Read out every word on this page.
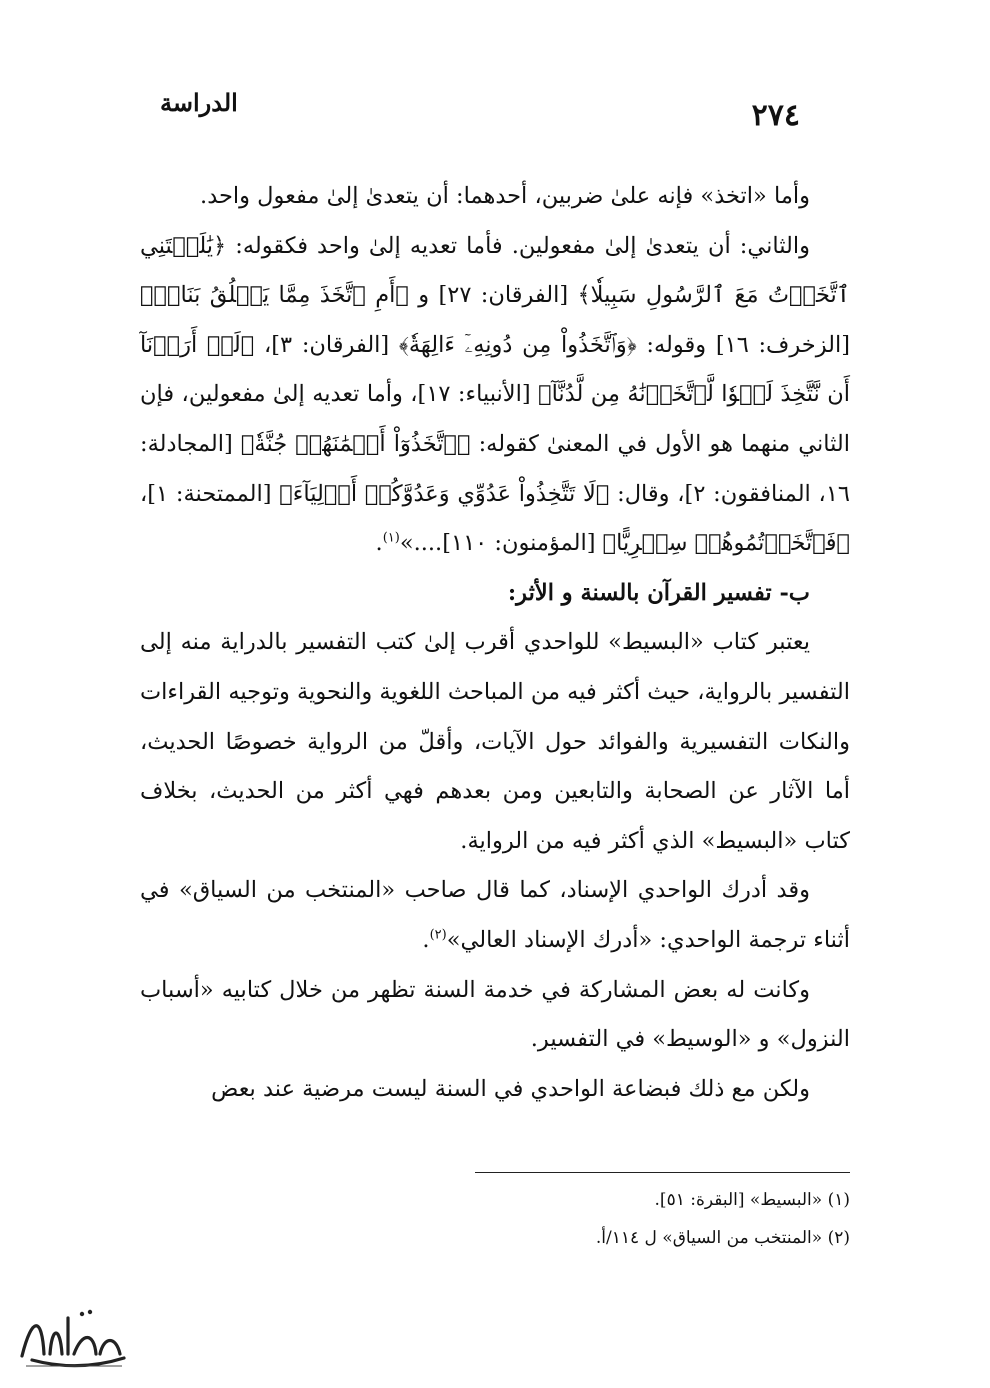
٢٧٤
الدراسة

وأما «اتخذ» فإنه علىٰ ضربين، أحدهما: أن يتعدىٰ إلىٰ مفعول واحد.

والثاني: أن يتعدىٰ إلىٰ مفعولين. فأما تعديه إلىٰ واحد فكقوله: ﴿يَٰلَيۡتَنِي ٱتَّخَذۡتُ مَعَ ٱلرَّسُولِ سَبِيلٗا﴾ [الفرقان: ٢٧] و ﴿أَمِ ٱتَّخَذَ مِمَّا يَخۡلُقُ بَنَاتٖ﴾ [الزخرف: ١٦] وقوله: ﴿وَٱتَّخَذُواْ مِن دُونِهِۦٓ ءَالِهَةٗ﴾ [الفرقان: ٣]، ﴿لَوۡ أَرَدۡنَآ أَن نَّتَّخِذَ لَهۡوٗا لَّٱتَّخَذۡنَٰهُ مِن لَّدُنَّآ﴾ [الأنبياء: ١٧]، وأما تعديه إلىٰ مفعولين، فإن الثاني منهما هو الأول في المعنىٰ كقوله: ﴿ٱتَّخَذُوٓاْ أَيۡمَٰنَهُمۡ جُنَّةٗ﴾ [المجادلة: ١٦، المنافقون: ٢]، وقال: ﴿لَا تَتَّخِذُواْ عَدُوِّي وَعَدُوَّكُمۡ أَوۡلِيَآءَ﴾ [الممتحنة: ١]، ﴿فَٱتَّخَذۡتُمُوهُمۡ سِخۡرِيًّا﴾ [المؤمنون: ١١٠]....»$^{(١)}$.

ب- تفسير القرآن بالسنة و الأثر:

يعتبر كتاب «البسيط» للواحدي أقرب إلىٰ كتب التفسير بالدراية منه إلى التفسير بالرواية، حيث أكثر فيه من المباحث اللغوية والنحوية وتوجيه القراءات والنكات التفسيرية والفوائد حول الآيات، وأقلّ من الرواية خصوصًا الحديث، أما الآثار عن الصحابة والتابعين ومن بعدهم فهي أكثر من الحديث، بخلاف كتاب «البسيط» الذي أكثر فيه من الرواية.

وقد أدرك الواحدي الإسناد، كما قال صاحب «المنتخب من السياق» في أثناء ترجمة الواحدي: «أدرك الإسناد العالي»$^{(٢)}$.

وكانت له بعض المشاركة في خدمة السنة تظهر من خلال كتابيه «أسباب النزول» و «الوسيط» في التفسير.

ولكن مع ذلك فبضاعة الواحدي في السنة ليست مرضية عند بعض

(١) «البسيط» [البقرة: ٥١].

(٢) «المنتخب من السياق» ل ١١٤/أ.
